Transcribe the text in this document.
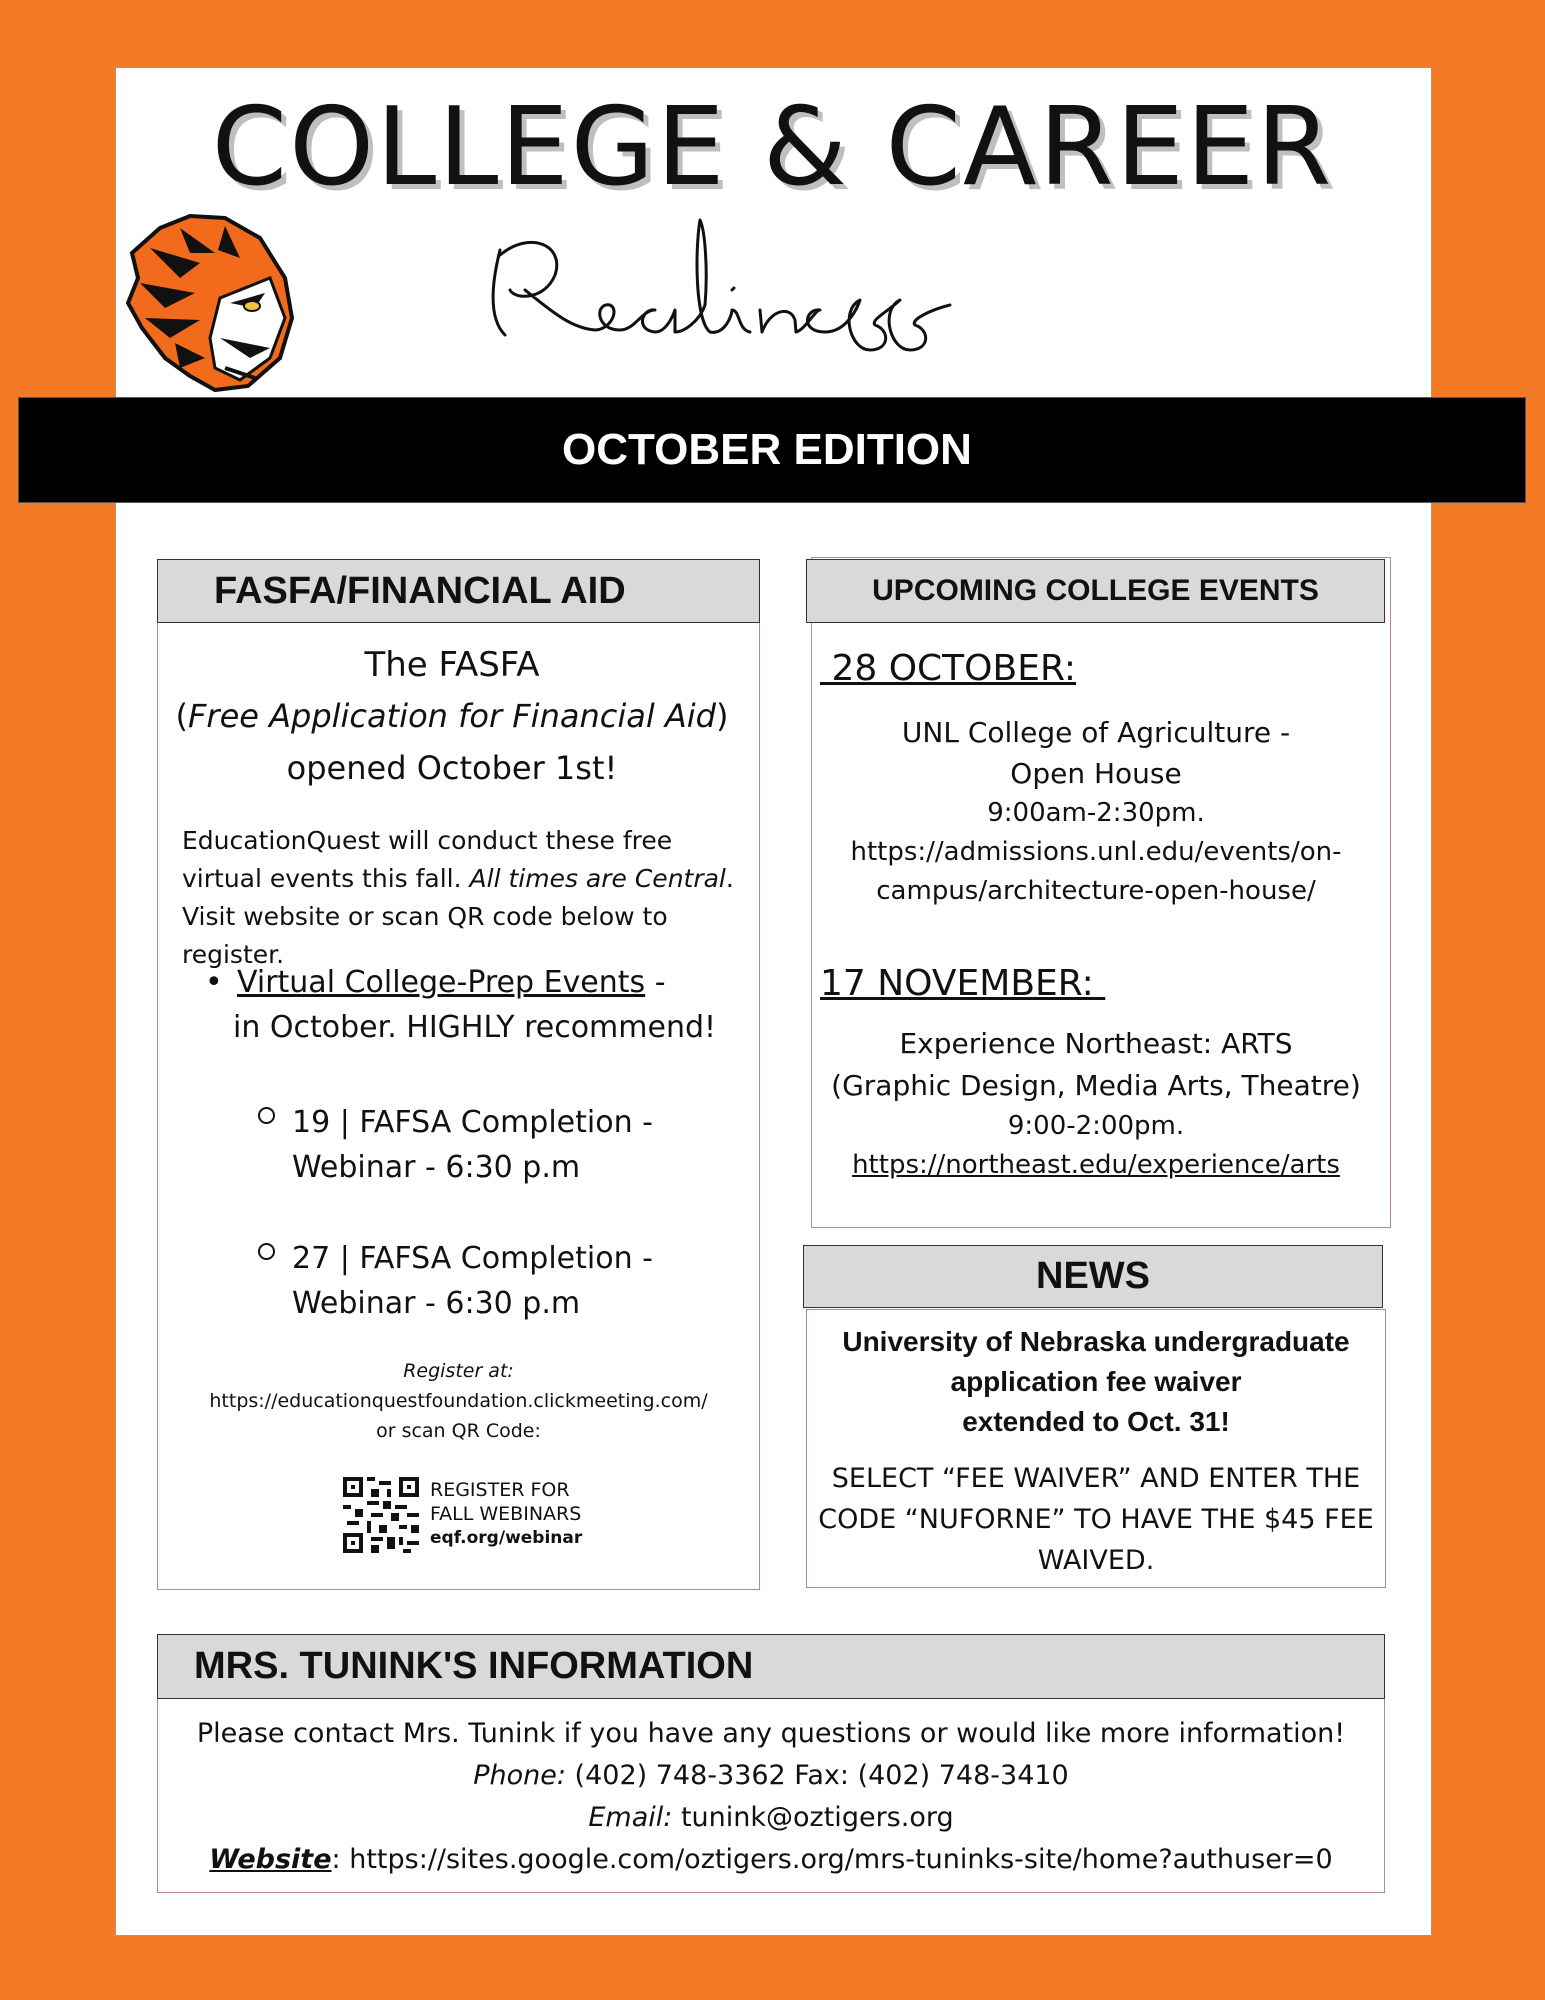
COLLEGE & CAREER
OCTOBER EDITION
FASFA/FINANCIAL AID
The FASFA
(Free Application for Financial Aid)
opened October 1st!
EducationQuest will conduct these free virtual events this fall. All times are Central. Visit website or scan QR code below to register.
• Virtual College-Prep Events -
in October. HIGHLY recommend!
19 | FAFSA Completion -
Webinar - 6:30 p.m
27 | FAFSA Completion -
Webinar - 6:30 p.m
Register at:
https://educationquestfoundation.clickmeeting.com/
or scan QR Code:
REGISTER FOR
FALL WEBINARS
eqf.org/webinar
UPCOMING COLLEGE EVENTS
28 OCTOBER:
UNL College of Agriculture -
Open House
9:00am-2:30pm.
https://admissions.unl.edu/events/on-
campus/architecture-open-house/
17 NOVEMBER:
Experience Northeast: ARTS
(Graphic Design, Media Arts, Theatre)
9:00-2:00pm.
https://northeast.edu/experience/arts
NEWS
University of Nebraska undergraduate
application fee waiver
extended to Oct. 31!
SELECT “FEE WAIVER” AND ENTER THE
CODE “NUFORNE” TO HAVE THE $45 FEE
WAIVED.
MRS. TUNINK'S INFORMATION
Please contact Mrs. Tunink if you have any questions or would like more information!
Phone: (402) 748-3362 Fax: (402) 748-3410
Email: tunink@oztigers.org
Website: https://sites.google.com/oztigers.org/mrs-tuninks-site/home?authuser=0
